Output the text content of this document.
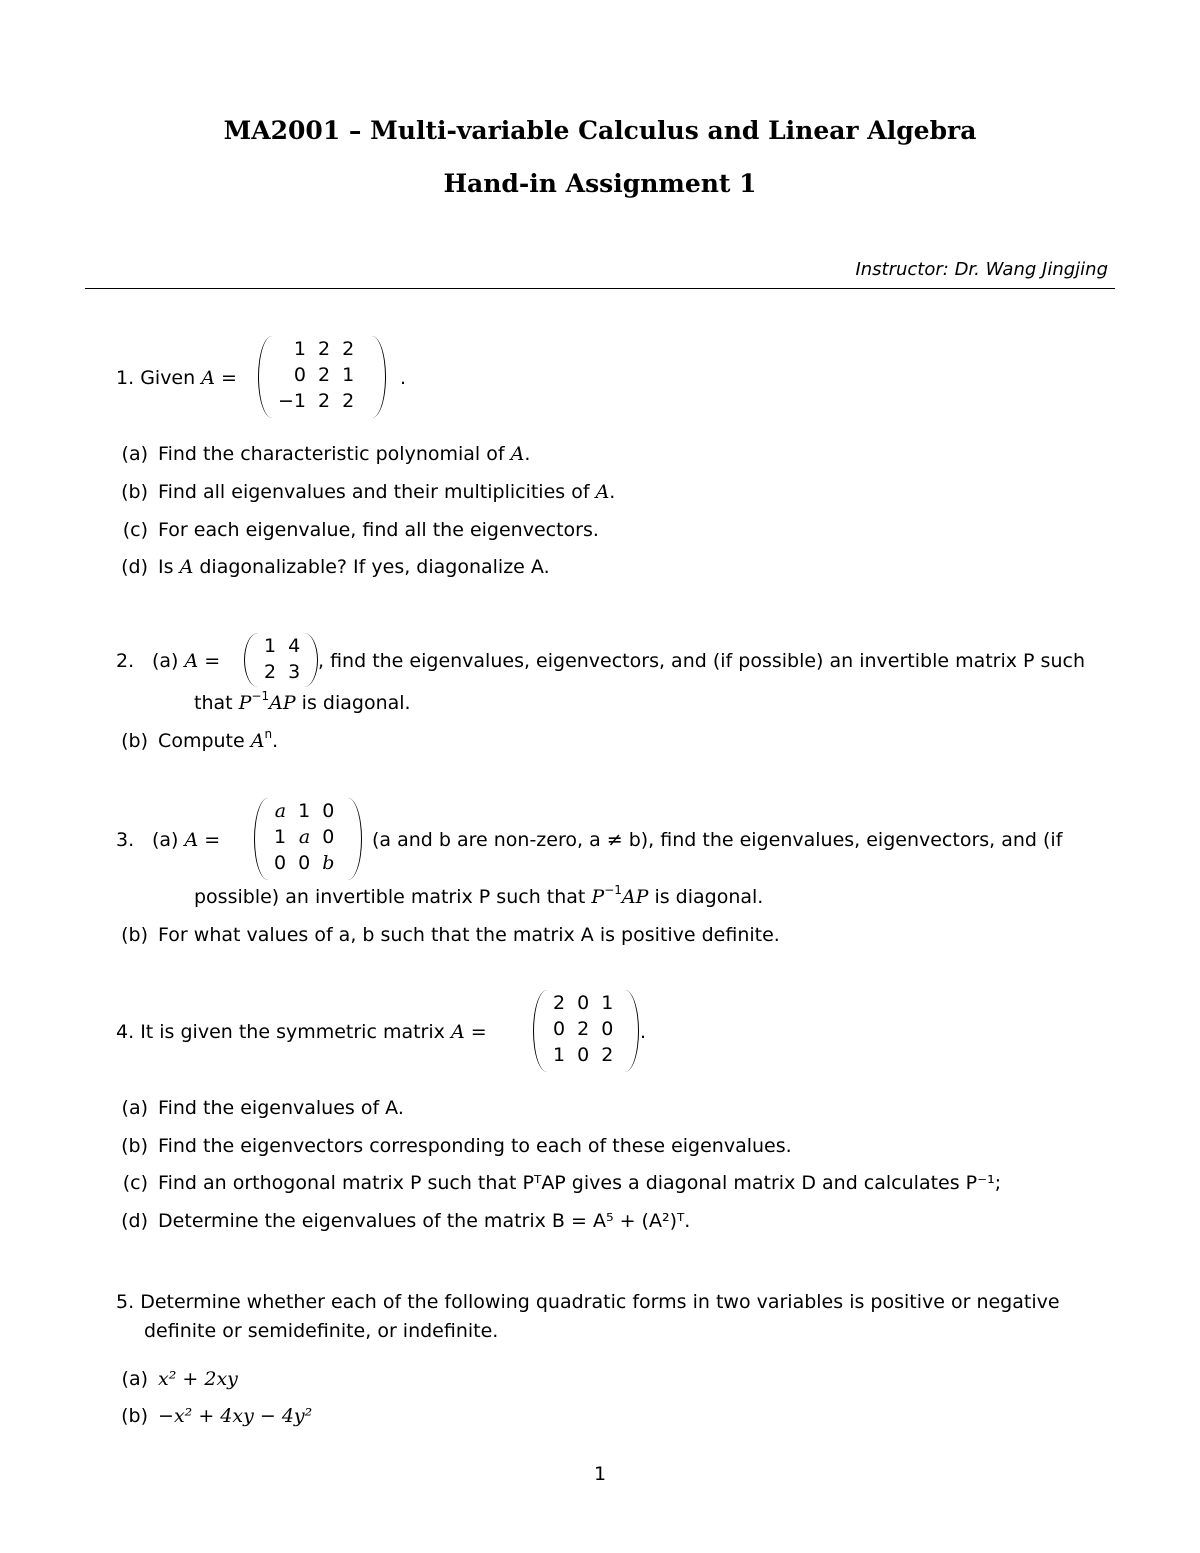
MA2001 – Multi-variable Calculus and Linear Algebra
Hand-in Assignment 1
Instructor: Dr. Wang Jingjing
1. Given A =
1	2	2
0	2	1
−1	2	2
.
(a) Find the characteristic polynomial of A.
(b) Find all eigenvalues and their multiplicities of A.
(c) For each eigenvalue, find all the eigenvectors.
(d) Is A diagonalizable? If yes, diagonalize A.
2. (a) A =
1	4
2	3 , find the eigenvalues, eigenvectors, and (if possible) an invertible matrix P such
that $P^{-1}AP$ is diagonal.
(b) Compute $A^n$.
3. (a) A =
a	1	0
1	a	0
0	0	b
(a and b are non-zero, a ≠ b), find the eigenvalues, eigenvectors, and (if
possible) an invertible matrix P such that $P^{-1}AP$ is diagonal.
(b) For what values of a, b such that the matrix A is positive definite.
4. It is given the symmetric matrix A =
2	0	1
0	2	0
1	0	2
.
(a) Find the eigenvalues of A.
(b) Find the eigenvectors corresponding to each of these eigenvalues.
(c) Find an orthogonal matrix P such that PᵀAP gives a diagonal matrix D and calculates P⁻¹;
(d) Determine the eigenvalues of the matrix B = A⁵ + (A²)ᵀ.
5. Determine whether each of the following quadratic forms in two variables is positive or negative
definite or semidefinite, or indefinite.
(a) x² + 2xy
(b) −x² + 4xy − 4y²
1
